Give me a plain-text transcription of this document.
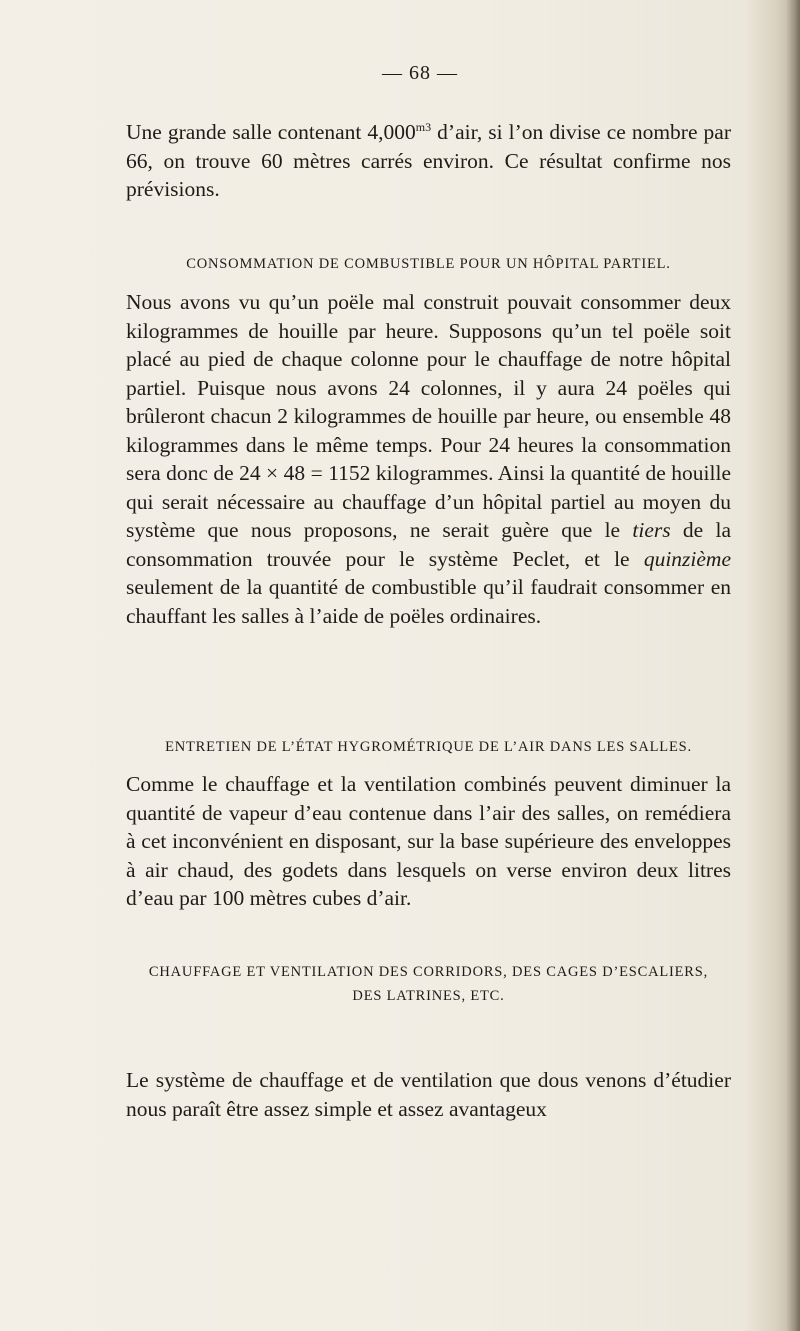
— 68 —

Une grande salle contenant $4,000^{m3}$ d’air, si l’on divise ce nombre par 66, on trouve 60 mètres carrés environ. Ce résultat confirme nos prévisions.

CONSOMMATION DE COMBUSTIBLE POUR UN HÔPITAL PARTIEL.

Nous avons vu qu’un poële mal construit pouvait consommer deux kilogrammes de houille par heure. Supposons qu’un tel poële soit placé au pied de chaque colonne pour le chauffage de notre hôpital partiel. Puisque nous avons 24 colonnes, il y aura 24 poëles qui brûleront chacun 2 kilogrammes de houille par heure, ou ensemble 48 kilogrammes dans le même temps. Pour 24 heures la consommation sera donc de 24 × 48 = 1152 kilogrammes. Ainsi la quantité de houille qui serait nécessaire au chauffage d’un hôpital partiel au moyen du système que nous proposons, ne serait guère que le tiers de la consommation trouvée pour le système Peclet, et le quinzième seulement de la quantité de combustible qu’il faudrait consommer en chauffant les salles à l’aide de poëles ordinaires.

ENTRETIEN DE L’ÉTAT HYGROMÉTRIQUE DE L’AIR DANS LES SALLES.

Comme le chauffage et la ventilation combinés peuvent diminuer la quantité de vapeur d’eau contenue dans l’air des salles, on remédiera à cet inconvénient en disposant, sur la base supérieure des enveloppes à air chaud, des godets dans lesquels on verse environ deux litres d’eau par 100 mètres cubes d’air.

CHAUFFAGE ET VENTILATION DES CORRIDORS, DES CAGES D’ESCALIERS,
DES LATRINES, ETC.

Le système de chauffage et de ventilation que dous venons d’étudier nous paraît être assez simple et assez avantageux
